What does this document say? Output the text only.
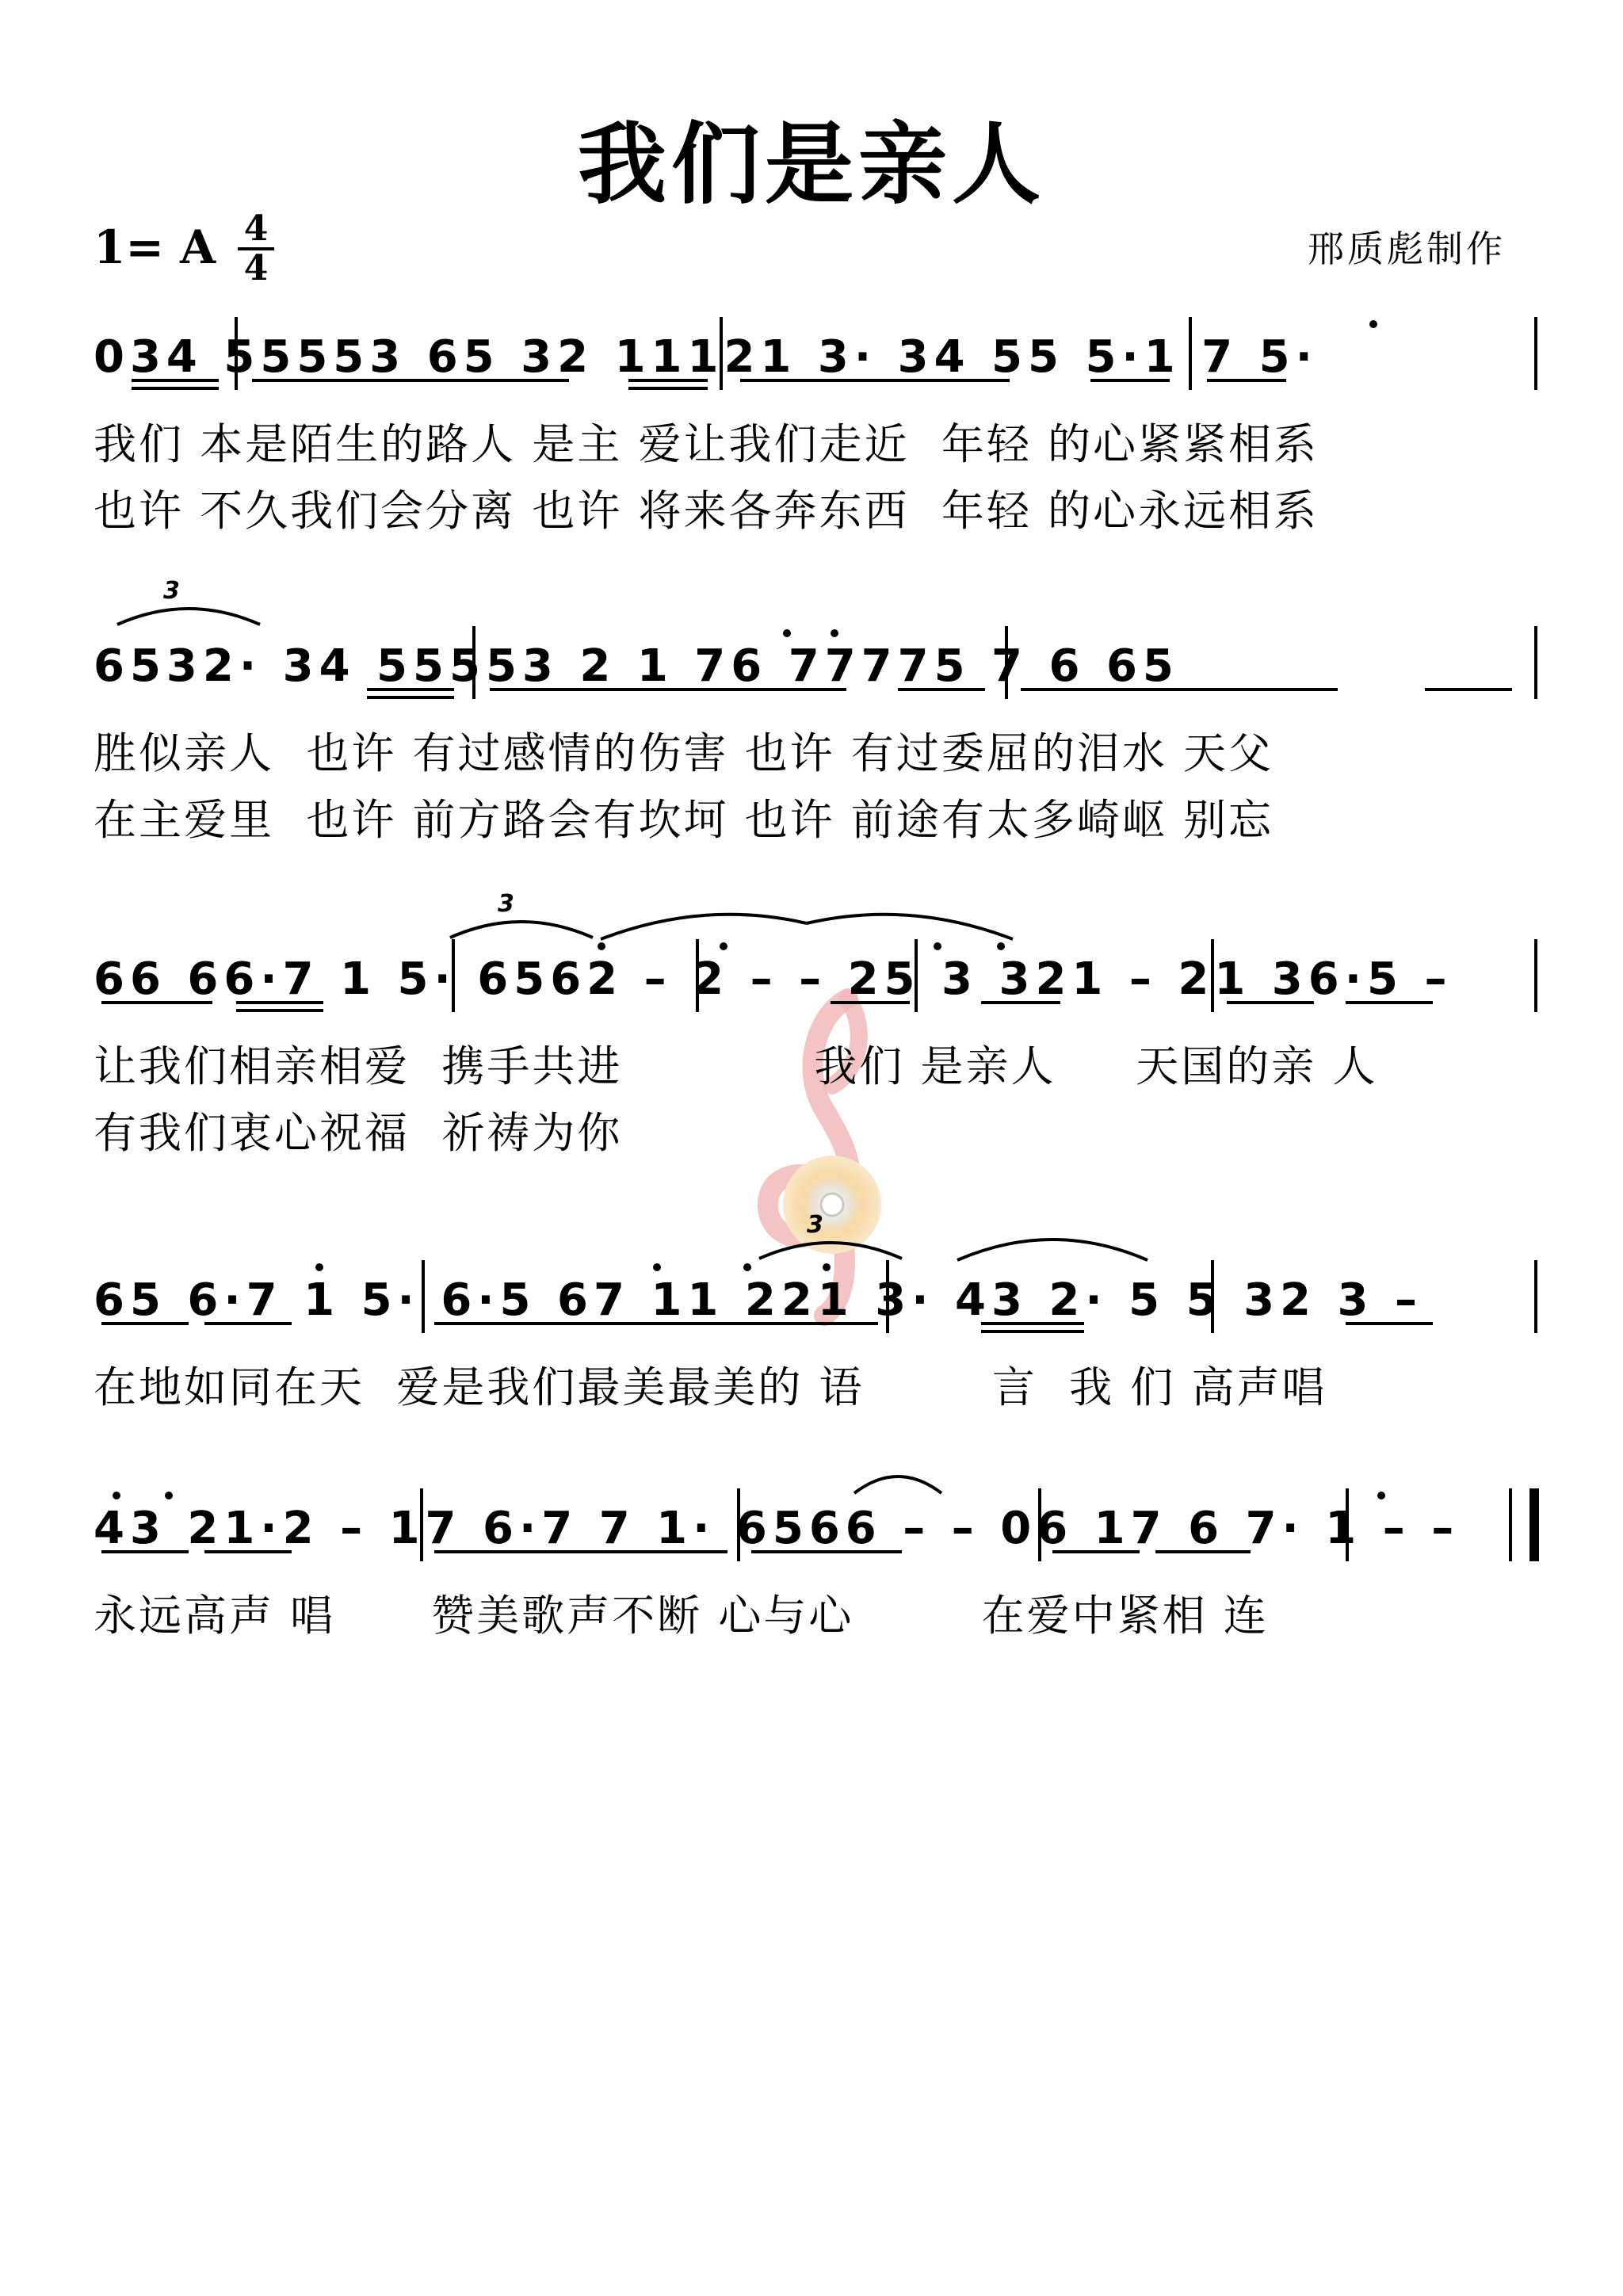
我们是亲人
1= A 4
4	邢质彪制作
034 55553 65 32 11121 3· 34 55 5·1 7 5·
我们 本是陌生的路人 是主 爱让我们走近  年轻 的心紧紧相系
也许 不久我们会分离 也许 将来各奔东西  年轻 的心永远相系
6532· 34 55553 2 1 76 77775 7 6 65
3
胜似亲人  也许 有过感情的伤害 也许 有过委屈的泪水 天父
在主爱里  也许 前方路会有坎坷 也许 前途有太多崎岖 别忘
66 66·7 1 5· 6562 – 2 – – 25 3 321 – 21 36·5 –
3
让我们相亲相爱  携手共进            我们 是亲人     天国的亲 人
有我们衷心祝福  祈祷为你
65 6·7 1 5· 6·5 67 11 221 3· 43 2· 5 5 32 3 –
3
在地如同在天  爱是我们最美最美的 语        言  我 们 高声唱
43 21·2 – 17 6·7 7 1· 6566 – – 06 17 6 7· 1 – –
永远高声 唱      赞美歌声不断 心与心        在爱中紧相 连
